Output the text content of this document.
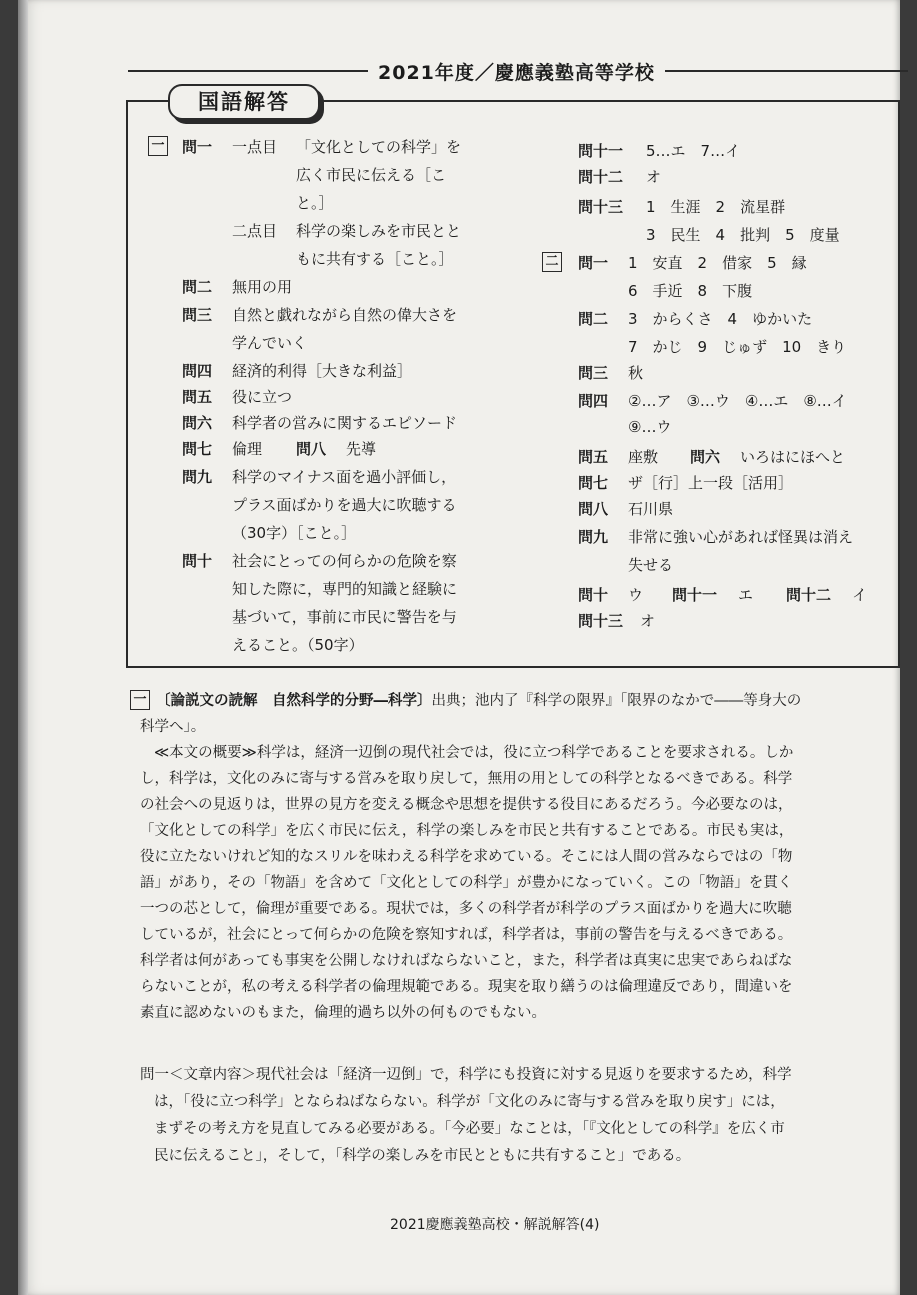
2021年度／慶應義塾高等学校
国語解答
一 問一 一点目 「文化としての科学」を
広く市民に伝える［こ
と。］
二点目 科学の楽しみを市民とと
もに共有する［こと。］
問二 無用の用
問三 自然と戯れながら自然の偉大さを
学んでいく
問四 経済的利得［大きな利益］
問五 役に立つ
問六 科学者の営みに関するエピソード
問七 倫理 問八 先導
問九 科学のマイナス面を過小評価し，
プラス面ばかりを過大に吹聴する
（30字）［こと。］
問十 社会にとっての何らかの危険を察
知した際に，専門的知識と経験に
基づいて，事前に市民に警告を与
えること。（50字）
問十一 5…エ　7…イ
問十二 オ
問十三 1　生涯　2　流星群
3　民生　4　批判　5　度量
二 問一 1　安直　2　借家　5　縁
6　手近　8　下腹
問二 3　からくさ　4　ゆかいた
7　かじ　9　じゅず　10　きり
問三 秋
問四 ②…ア　③…ウ　④…エ　⑧…イ
⑨…ウ
問五 座敷 問六 いろはにほへと
問七 ザ［行］上一段［活用］
問八 石川県
問九 非常に強い心があれば怪異は消え
失せる
問十 ウ 問十一 エ 問十二 イ
問十三 オ
一 〔論説文の読解　自然科学的分野―科学〕出典；池内了『科学の限界』「限界のなかで――等身大の
科学へ」。
≪本文の概要≫科学は，経済一辺倒の現代社会では，役に立つ科学であることを要求される。しか
し，科学は，文化のみに寄与する営みを取り戻して，無用の用としての科学となるべきである。科学
の社会への見返りは，世界の見方を変える概念や思想を提供する役目にあるだろう。今必要なのは，
「文化としての科学」を広く市民に伝え，科学の楽しみを市民と共有することである。市民も実は，
役に立たないけれど知的なスリルを味わえる科学を求めている。そこには人間の営みならではの「物
語」があり，その「物語」を含めて「文化としての科学」が豊かになっていく。この「物語」を貫く
一つの芯として，倫理が重要である。現状では，多くの科学者が科学のプラス面ばかりを過大に吹聴
しているが，社会にとって何らかの危険を察知すれば，科学者は，事前の警告を与えるべきである。
科学者は何があっても事実を公開しなければならないこと，また，科学者は真実に忠実であらねばな
らないことが，私の考える科学者の倫理規範である。現実を取り繕うのは倫理違反であり，間違いを
素直に認めないのもまた，倫理的過ち以外の何ものでもない。
問一＜文章内容＞現代社会は「経済一辺倒」で，科学にも投資に対する見返りを要求するため，科学
は，「役に立つ科学」とならねばならない。科学が「文化のみに寄与する営みを取り戻す」には，
まずその考え方を見直してみる必要がある。「今必要」なことは，「『文化としての科学』を広く市
民に伝えること」，そして，「科学の楽しみを市民とともに共有すること」である。
2021慶應義塾高校・解説解答(4)
